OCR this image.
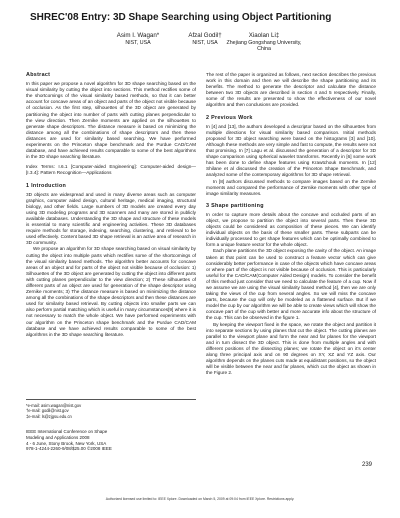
SHREC'08 Entry: 3D Shape Searching using Object Partitioning
Asim I. Wagan*
NIST, USA
Afzal Godil†
NIST, USA
Xiaolan Li‡
Zhejiang Gongshang University, China
Abstract

In this paper we propose a novel algorithm for 3D shape searching based on the visual similarity by cutting the object into sections. This method rectifies some of the shortcomings of the visual similarity based methods, so that it can better account for concave areas of an object and parts of the object not visible because of occlusion. As the first step, silhouettes of the 3D object are generated by partitioning the object into number of parts with cutting planes perpendicular to the view direction. Then Zernike moments are applied on the silhouettes to generate shape descriptors. The distance measure is based on minimizing the distance among all the combinations of shape descriptors and then these distances are used for similarity based searching. We have performed experiments on the Princeton shape benchmark and the Purdue CAD/CAM database, and have achieved results comparable to some of the best algorithms in the 3D shape searching literature.

Index Terms: I.6.1 [Computer-aided Engineering]: Computer-aided design— [I.3.4]: Pattern Recognition—Applications

1 Introduction

3D objects are widespread and used in many diverse areas such as computer graphics, computer aided design, cultural heritage, medical imaging, structural biology, and other fields. Large numbers of 3D models are created every day using 3D modeling programs and 3D scanners and many are stored in publicly available databases. Understanding the 3D shape and structure of these models is essential to many scientific and engineering activities. These 3D databases require methods for storage, indexing, searching, clustering, and retrieval to be used effectively. Content based 3D shape retrieval is an active area of research in 3D community.

We propose an algorithm for 3D shape searching based on visual similarity by cutting the object into multiple parts which rectifies some of the shortcomings of the visual similarity based methods. The algorithm better accounts for concave areas of an object and for parts of the object not visible because of occlusion: 1) Silhouettes of the 3D object are generated by cutting the object into different parts with cutting planes perpendicular to the view direction; 2) These silhouettes of different parts of an object are used for generation of the shape descriptor using Zernike moments; 3) The distance measure is based on minimizing the distance among all the combinations of the shape descriptors and then these distances are used for similarity based retrieval. By cutting objects into smaller parts we can also perform partial matching which is useful in many circumstances[9] where it is not necessary to match the whole object. We have performed experiments with our algorithm on the Princeton shape benchmark and the Purdue CAD/CAM database and we have achieved results comparable to some of the best algorithms in the 3D shape searching literature.

*e-mail: asim.wagan@nist.gov
†e-mail: godil@nist.gov
‡e-mail: ls@zjgsu.edu.cn
IEEE International Conference on Shape
Modeling and Applications 2008
4 - 6 June, Stony Brook, New York, USA
978-1-4244-2260-9/08/$25.00 ©2008 IEEE

The rest of the paper is organized as follows, next section describes the previous work in this domain and then we will describe the shape partitioning and its benefits. The method to generate the descriptor and calculate the distance between two 3D objects are described in section 4 and 5 respectively. Finally, some of the results are presented to show the effectiveness of our novel algorithm and then conclusions are provided.

2 Previous Work

In [4] and [13], the authors developed a descriptor based on the silhouettes from multiple directions for visual similarity based comparison. Initial methods proposed for 3D object searching were based on the histograms [3] and [10]. Although these methods are very simple and fast to compute, the results were not that promising. In [7] Lagu et al. discussed the generation of a descriptor for 3D shape comparison using spherical wavelet transforms. Recently in [6] some work has been done to define shape features using Krawtchouk moments. In [12] Shilane et al discussed the creation of the Princeton Shape Benchmark, and analyzed some of the contemporary algorithms for 3D shape retrieval.

In [8] authors discussed methods to compare images based on the Zernike moments and compared the performance of Zernike moments with other type of image similarity measures.

3 Shape partitioning

In order to capture more details about the concave and occluded parts of an object, we propose to partition the object into several parts. Then these 3D objects could be considered as composition of these pieces. We can identify individual objects on the basis of these smaller parts. These subparts can be individually processed to get shape features which can be optimally combined to form a unique feature vector for the whole object.

Each plane partitions the 3D object exposing the cavity of the object. An image taken at that point can be used to construct a feature vector which can give considerably better performance in case of the objects which have concave areas or where part of the object is not visible because of occlusion. This is particularly useful for the CAD/CAM(Computer Aided Design) models. To consider the benefit of this method just consider that we need to calculate the feature of a cup. Now if we assume we are using the visual similarity based method [4], then we are only taking the views of the cup from several angles. So we will miss the concave parts, because the cup will only be modeled as a flattened surface. But if we model the cup by our algorithm we will be able to create views which will show the concave part of the cup with better and more accurate info about the structure of the cup. This can be observed in the figure 1.

By keeping the viewport fixed in the space, we rotate the object and partition it into separate sections by using planes that cut the object. The cutting planes are parallel to the viewport plane and form the near and far planes for the viewport and in turn dissect the 3D object. This is done from multiple angles and with different positions of the dissecting planes; we rotate the object on it's center along three principal axis and on 90 degrees on XY, XZ and YZ axis. Our algorithm depends on the planes cuts made at equidistant positions, so the object will be visible between the near and far planes, which cut the object as shown in the Figure 2.

239
Authorized licensed use limited to: IEEE Xplore. Downloaded on March 5, 2009 at 09:04 from IEEE Xplore. Restrictions apply.
